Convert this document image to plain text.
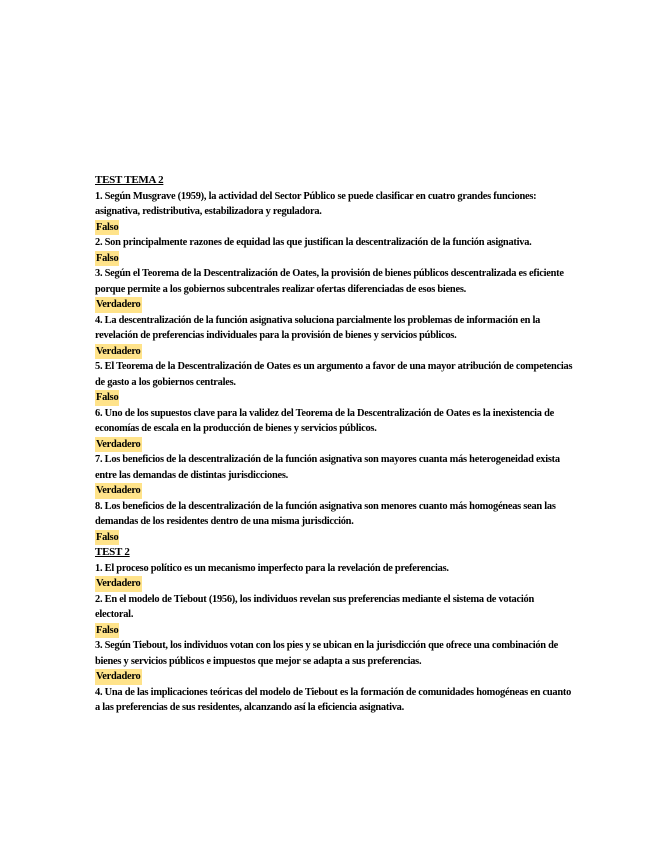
TEST TEMA 2

1. Según Musgrave (1959), la actividad del Sector Público se puede clasificar en cuatro grandes funciones: asignativa, redistributiva, estabilizadora y reguladora.

Falso

2. Son principalmente razones de equidad las que justifican la descentralización de la función asignativa.

Falso

3. Según el Teorema de la Descentralización de Oates, la provisión de bienes públicos descentralizada es eficiente porque permite a los gobiernos subcentrales realizar ofertas diferenciadas de esos bienes.

Verdadero

4. La descentralización de la función asignativa soluciona parcialmente los problemas de información en la revelación de preferencias individuales para la provisión de bienes y servicios públicos.

Verdadero

5. El Teorema de la Descentralización de Oates es un argumento a favor de una mayor atribución de competencias de gasto a los gobiernos centrales.

Falso

6. Uno de los supuestos clave para la validez del Teorema de la Descentralización de Oates es la inexistencia de economías de escala en la producción de bienes y servicios públicos.

Verdadero

7. Los beneficios de la descentralización de la función asignativa son mayores cuanta más heterogeneidad exista entre las demandas de distintas jurisdicciones.

Verdadero

8. Los beneficios de la descentralización de la función asignativa son menores cuanto más homogéneas sean las demandas de los residentes dentro de una misma jurisdicción.

Falso
TEST 2

1. El proceso político es un mecanismo imperfecto para la revelación de preferencias.

Verdadero

2. En el modelo de Tiebout (1956), los individuos revelan sus preferencias mediante el sistema de votación electoral.

Falso

3. Según Tiebout, los individuos votan con los pies y se ubican en la jurisdicción que ofrece una combinación de bienes y servicios públicos e impuestos que mejor se adapta a sus preferencias.

Verdadero

4. Una de las implicaciones teóricas del modelo de Tiebout es la formación de comunidades homogéneas en cuanto a las preferencias de sus residentes, alcanzando así la eficiencia asignativa.
